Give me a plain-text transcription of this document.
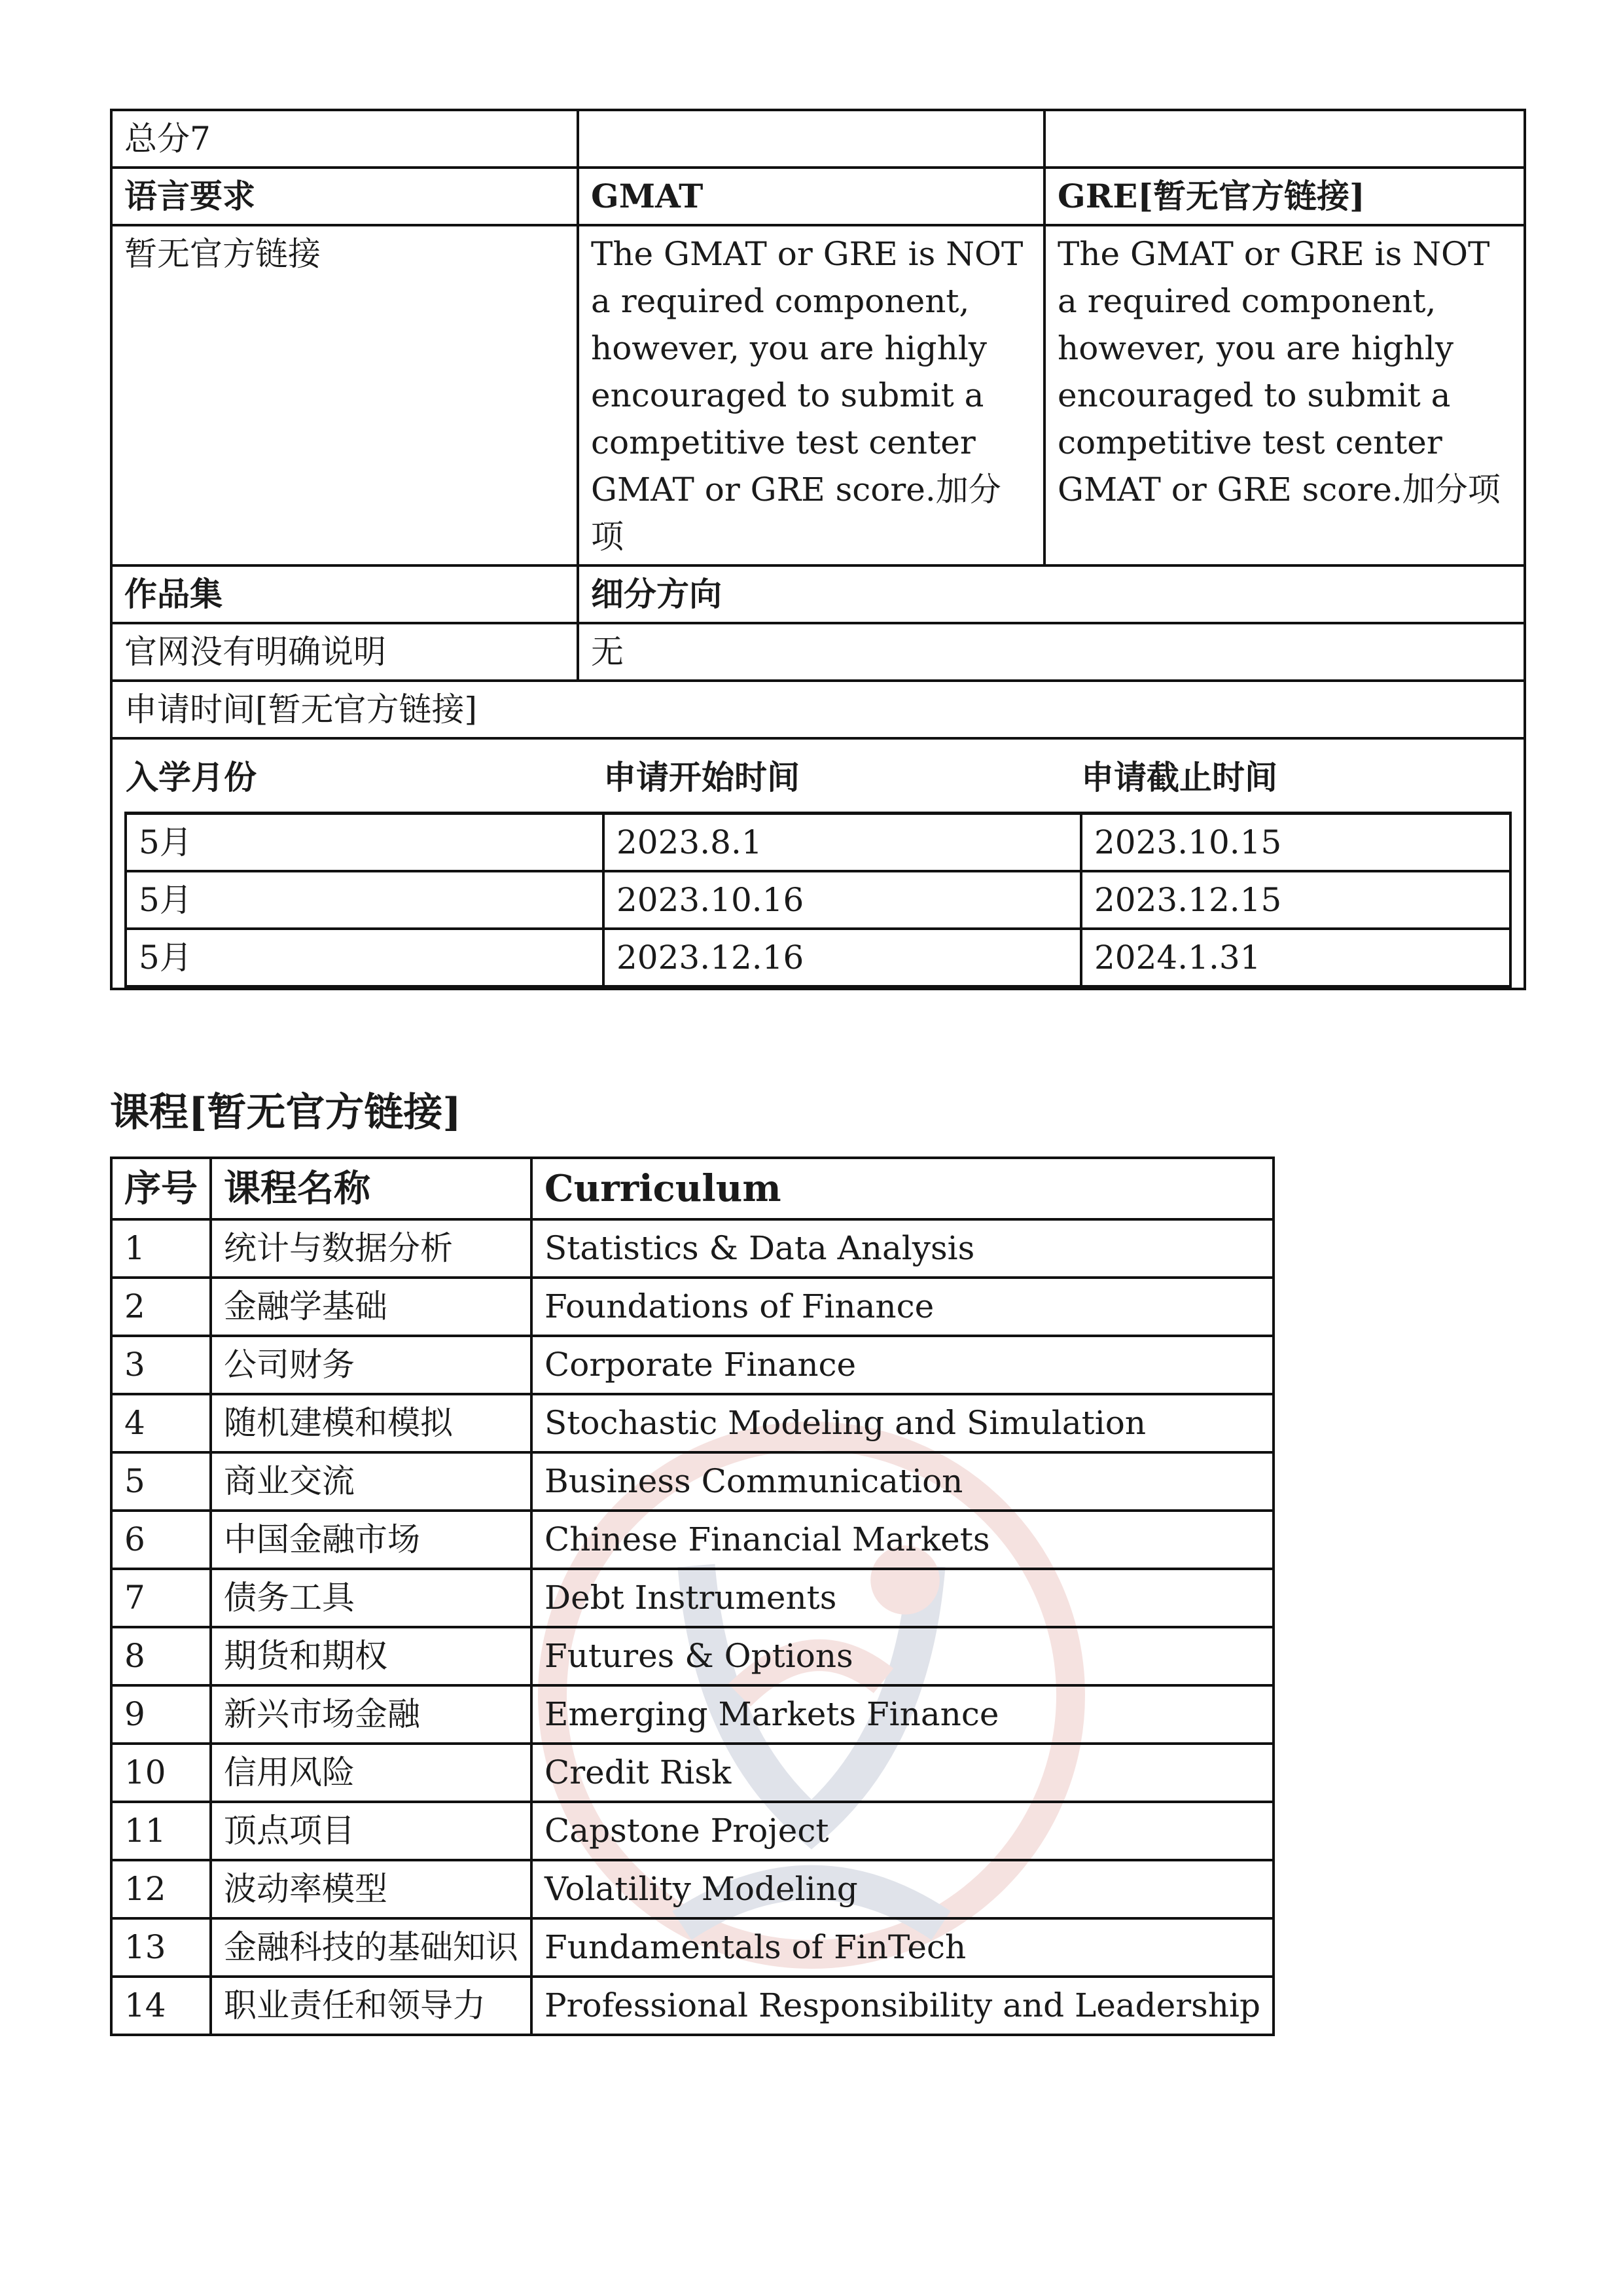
总分7		
语言要求	GMAT	GRE[暂无官方链接]
暂无官方链接	The GMAT or GRE is NOT a required component, however, you are highly encouraged to submit a competitive test center GMAT or GRE score.加分项	The GMAT or GRE is NOT a required component, however, you are highly encouraged to submit a competitive test center GMAT or GRE score.加分项
作品集	细分方向
官网没有明确说明	无
申请时间[暂无官方链接]

入学月份	申请开始时间	申请截止时间
5月	2023.8.1	2023.10.15
5月	2023.10.16	2023.12.15
5月	2023.12.16	2024.1.31
课程[暂无官方链接]
序号	课程名称	Curriculum
1	统计与数据分析	Statistics & Data Analysis
2	金融学基础	Foundations of Finance
3	公司财务	Corporate Finance
4	随机建模和模拟	Stochastic Modeling and Simulation
5	商业交流	Business Communication
6	中国金融市场	Chinese Financial Markets
7	债务工具	Debt Instruments
8	期货和期权	Futures & Options
9	新兴市场金融	Emerging Markets Finance
10	信用风险	Credit Risk
11	顶点项目	Capstone Project
12	波动率模型	Volatility Modeling
13	金融科技的基础知识	Fundamentals of FinTech
14	职业责任和领导力	Professional Responsibility and Leadership
